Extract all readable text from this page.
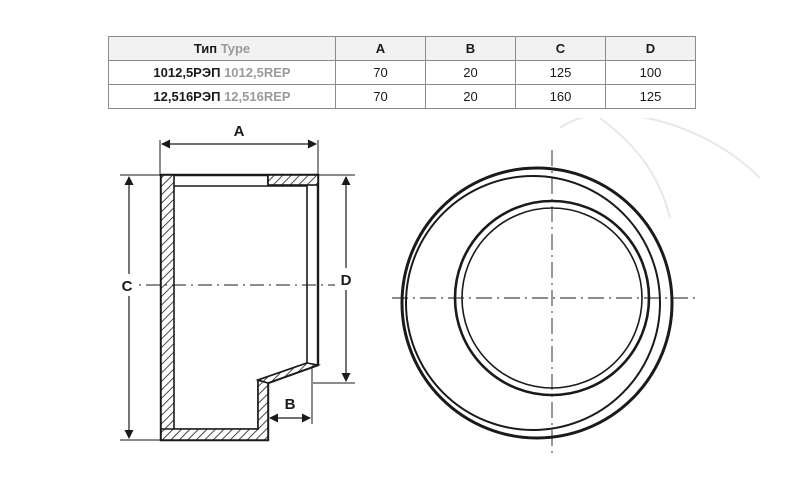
Тип Type	A	B	C	D
1012,5РЭП 1012,5REP	70	20	125	100
12,516РЭП 12,516REP	70	20	160	125
A
C	D
B
